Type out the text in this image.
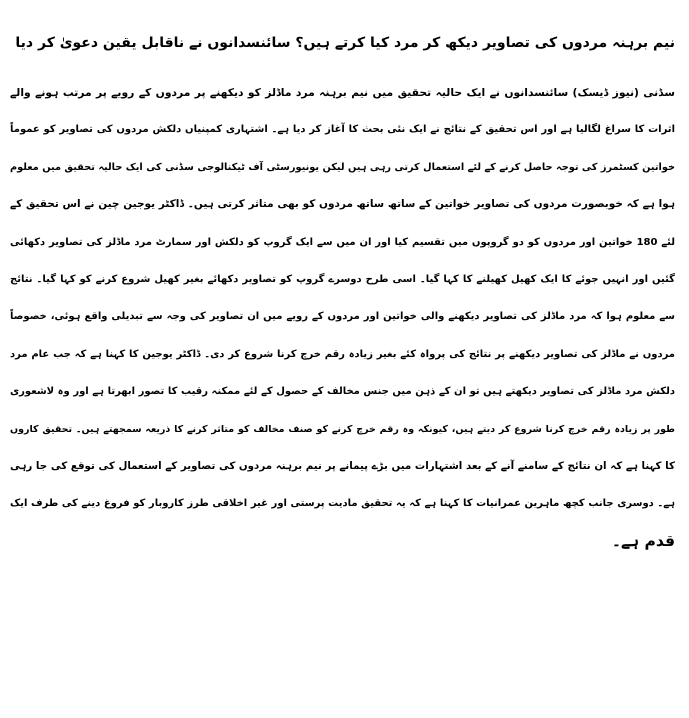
نیم برہنہ مردوں کی تصاویر دیکھ کر مرد کیا کرتے ہیں؟ سائنسدانوں نے ناقابل یقین دعویٰ کر دیا
سڈنی (نیوز ڈیسک) سائنسدانوں نے ایک حالیہ تحقیق میں نیم برہنہ مرد ماڈلز کو دیکھنے پر مردوں کے رویے پر مرتب ہونے والے
اثرات کا سراغ لگالیا ہے اور اس تحقیق کے نتائج نے ایک نئی بحث کا آغاز کر دیا ہے۔ اشتہاری کمپنیاں دلکش مردوں کی تصاویر کو عموماً
خواتین کسٹمرز کی توجہ حاصل کرنے کے لئے استعمال کرتی رہی ہیں لیکن یونیورسٹی آف ٹیکنالوجی سڈنی کی ایک حالیہ تحقیق میں معلوم
ہوا ہے کہ خوبصورت مردوں کی تصاویر خواتین کے ساتھ ساتھ مردوں کو بھی متاثر کرتی ہیں۔ ڈاکٹر یوجین چین نے اس تحقیق کے
لئے 180 خواتین اور مردوں کو دو گروپوں میں تقسیم کیا اور ان میں سے ایک گروپ کو دلکش اور سمارٹ مرد ماڈلز کی تصاویر دکھائی
گئیں اور انہیں جوئے کا ایک کھیل کھیلنے کا کہا گیا۔ اسی طرح دوسرے گروپ کو تصاویر دکھائے بغیر کھیل شروع کرنے کو کہا گیا۔ نتائج
سے معلوم ہوا کہ مرد ماڈلز کی تصاویر دیکھنے والی خواتین اور مردوں کے رویے میں ان تصاویر کی وجہ سے تبدیلی واقع ہوئی، خصوصاً
مردوں نے ماڈلز کی تصاویر دیکھنے پر نتائج کی پرواہ کئے بغیر زیادہ رقم خرچ کرنا شروع کر دی۔ ڈاکٹر یوجین کا کہنا ہے کہ جب عام مرد
دلکش مرد ماڈلز کی تصاویر دیکھتے ہیں تو ان کے ذہن میں جنس مخالف کے حصول کے لئے ممکنہ رقیب کا تصور ابھرتا ہے اور وہ لاشعوری
طور پر زیادہ رقم خرچ کرنا شروع کر دیتے ہیں، کیونکہ وہ رقم خرچ کرنے کو صنف مخالف کو متاثر کرنے کا ذریعہ سمجھتے ہیں۔ تحقیق کاروں
کا کہنا ہے کہ ان نتائج کے سامنے آنے کے بعد اشتہارات میں بڑے پیمانے پر نیم برہنہ مردوں کی تصاویر کے استعمال کی توقع کی جا رہی
ہے۔ دوسری جانب کچھ ماہرین عمرانیات کا کہنا ہے کہ یہ تحقیق مادیت پرستی اور غیر اخلاقی طرز کاروبار کو فروغ دینے کی طرف ایک
قدم ہے۔
